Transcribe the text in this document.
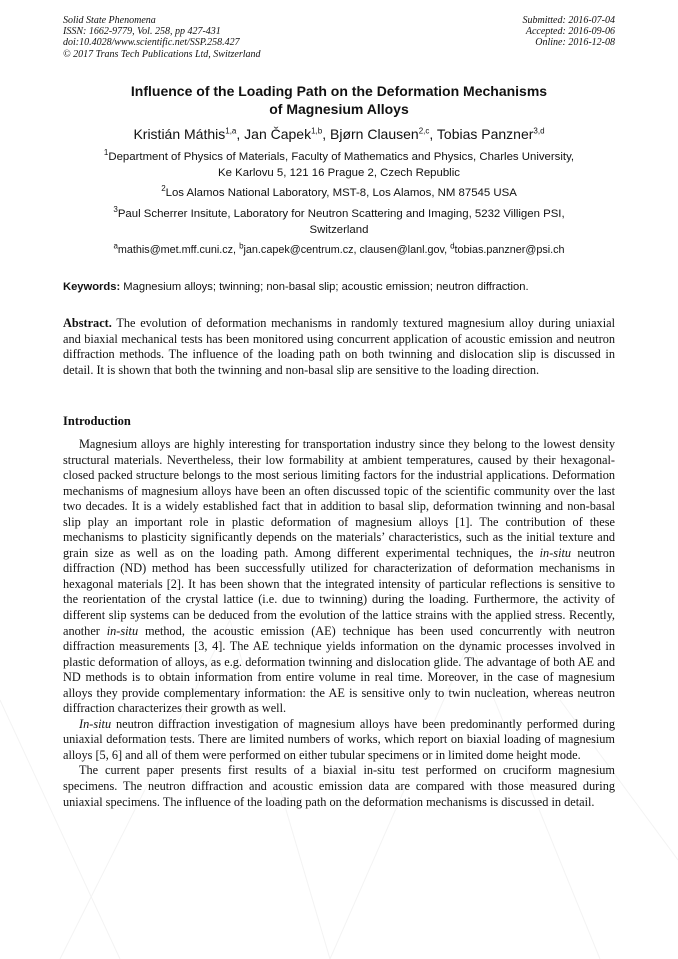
Solid State Phenomena
ISSN: 1662-9779, Vol. 258, pp 427-431
doi:10.4028/www.scientific.net/SSP.258.427
© 2017 Trans Tech Publications Ltd, Switzerland
Submitted: 2016-07-04
Accepted: 2016-09-06
Online: 2016-12-08
Influence of the Loading Path on the Deformation Mechanisms
of Magnesium Alloys
Kristián Máthis$^{1,a}$, Jan Čapek$^{1,b}$, Bjørn Clausen$^{2,c}$, Tobias Panzner$^{3,d}$
$^1$Department of Physics of Materials, Faculty of Mathematics and Physics, Charles University,
Ke Karlovu 5, 121 16 Prague 2, Czech Republic
$^2$Los Alamos National Laboratory, MST-8, Los Alamos, NM 87545 USA
$^3$Paul Scherrer Insitute, Laboratory for Neutron Scattering and Imaging, 5232 Villigen PSI,
Switzerland
$^a$mathis@met.mff.cuni.cz, $^b$jan.capek@centrum.cz, clausen@lanl.gov, $^d$tobias.panzner@psi.ch
Keywords: Magnesium alloys; twinning; non-basal slip; acoustic emission; neutron diffraction.
Abstract. The evolution of deformation mechanisms in randomly textured magnesium alloy during uniaxial and biaxial mechanical tests has been monitored using concurrent application of acoustic emission and neutron diffraction methods. The influence of the loading path on both twinning and dislocation slip is discussed in detail. It is shown that both the twinning and non-basal slip are sensitive to the loading direction.
Introduction

Magnesium alloys are highly interesting for transportation industry since they belong to the lowest density structural materials. Nevertheless, their low formability at ambient temperatures, caused by their hexagonal-closed packed structure belongs to the most serious limiting factors for the industrial applications. Deformation mechanisms of magnesium alloys have been an often discussed topic of the scientific community over the last two decades. It is a widely established fact that in addition to basal slip, deformation twinning and non-basal slip play an important role in plastic deformation of magnesium alloys [1]. The contribution of these mechanisms to plasticity significantly depends on the materials’ characteristics, such as the initial texture and grain size as well as on the loading path. Among different experimental techniques, the in-situ neutron diffraction (ND) method has been successfully utilized for characterization of deformation mechanisms in hexagonal materials [2]. It has been shown that the integrated intensity of particular reflections is sensitive to the reorientation of the crystal lattice (i.e. due to twinning) during the loading. Furthermore, the activity of different slip systems can be deduced from the evolution of the lattice strains with the applied stress. Recently, another in-situ method, the acoustic emission (AE) technique has been used concurrently with neutron diffraction measurements [3, 4]. The AE technique yields information on the dynamic processes involved in plastic deformation of alloys, as e.g. deformation twinning and dislocation glide. The advantage of both AE and ND methods is to obtain information from entire volume in real time. Moreover, in the case of magnesium alloys they provide complementary information: the AE is sensitive only to twin nucleation, whereas neutron diffraction characterizes their growth as well.

In-situ neutron diffraction investigation of magnesium alloys have been predominantly performed during uniaxial deformation tests. There are limited numbers of works, which report on biaxial loading of magnesium alloys [5, 6] and all of them were performed on either tubular specimens or in limited dome height mode.

The current paper presents first results of a biaxial in-situ test performed on cruciform magnesium specimens. The neutron diffraction and acoustic emission data are compared with those measured during uniaxial specimens. The influence of the loading path on the deformation mechanisms is discussed in detail.
